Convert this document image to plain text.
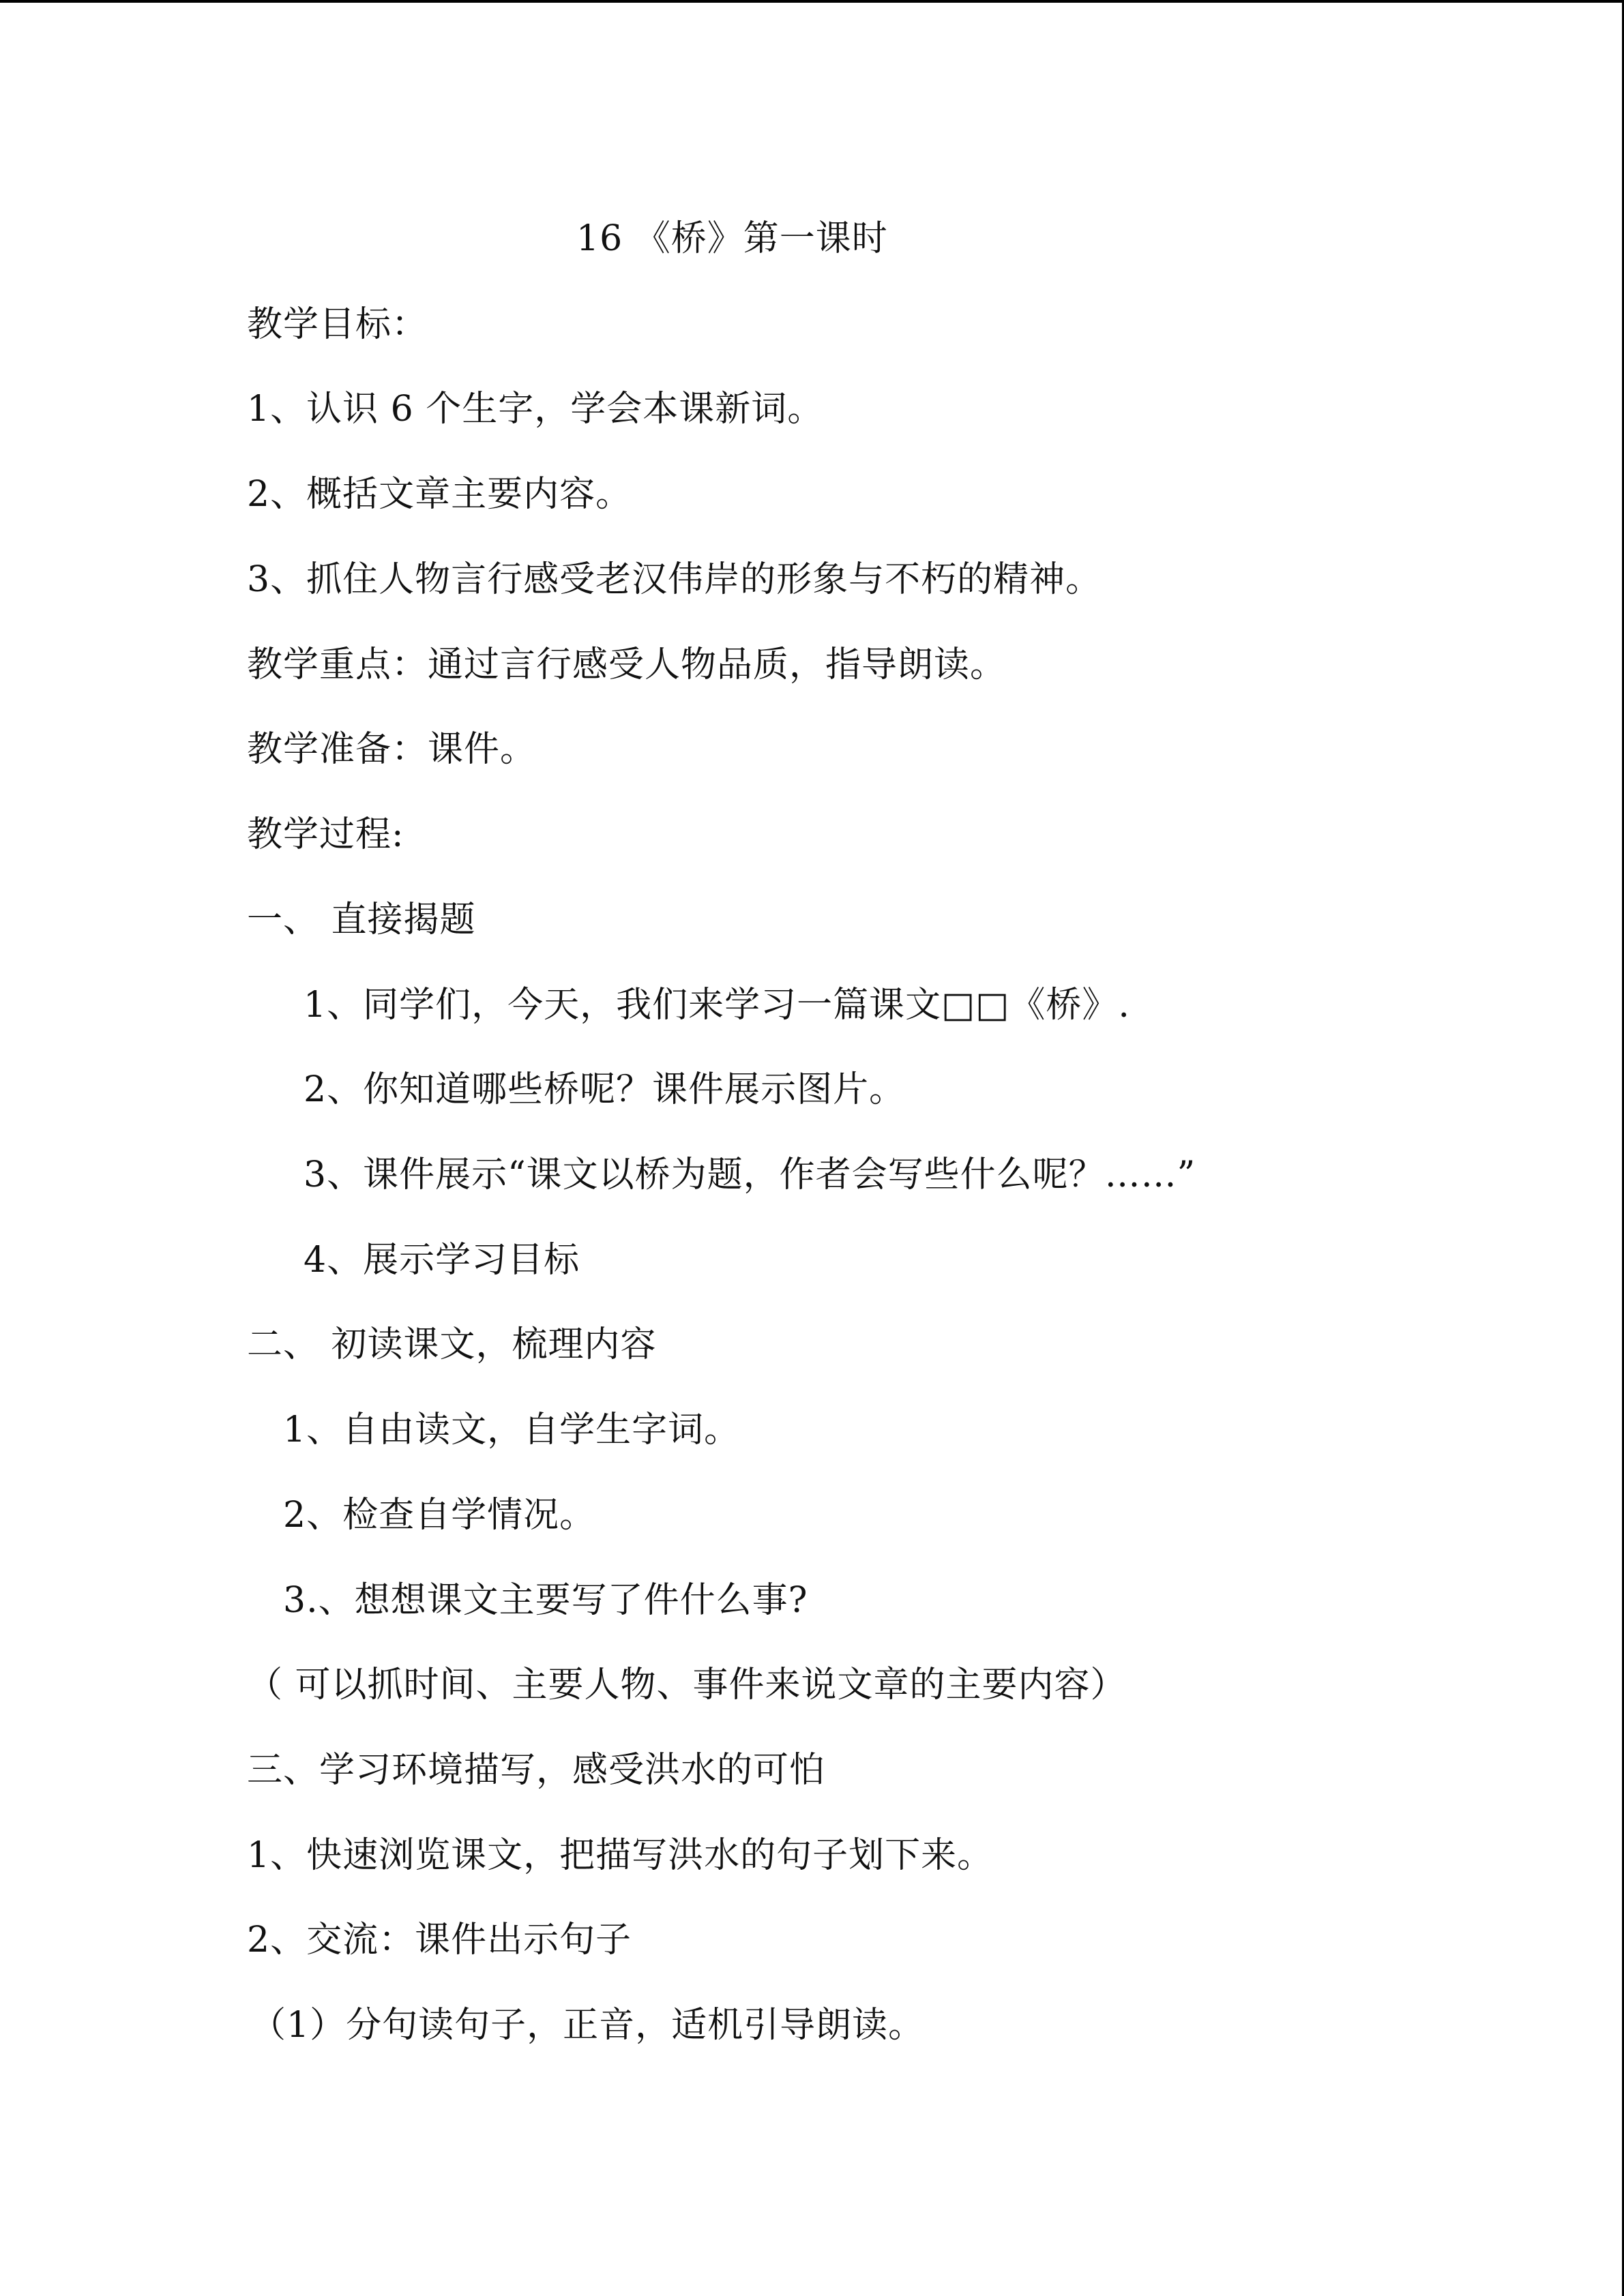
16 《桥》第一课时
教学目标：
1、认识 6 个生字，学会本课新词。
2、概括文章主要内容。
3、抓住人物言行感受老汉伟岸的形象与不朽的精神。
教学重点：通过言行感受人物品质，指导朗读。
教学准备：课件。
教学过程:
一、 直接揭题
1、同学们，今天，我们来学习一篇课文□□《桥》.
2、你知道哪些桥呢？课件展示图片。
3、课件展示“课文以桥为题，作者会写些什么呢？……”
4、展示学习目标
二、 初读课文，梳理内容
1、自由读文，自学生字词。
2、检查自学情况。
3.、想想课文主要写了件什么事?
（ 可以抓时间、主要人物、事件来说文章的主要内容）
三、学习环境描写，感受洪水的可怕
1、快速浏览课文，把描写洪水的句子划下来。
2、交流：课件出示句子
（1）分句读句子，正音，适机引导朗读。
